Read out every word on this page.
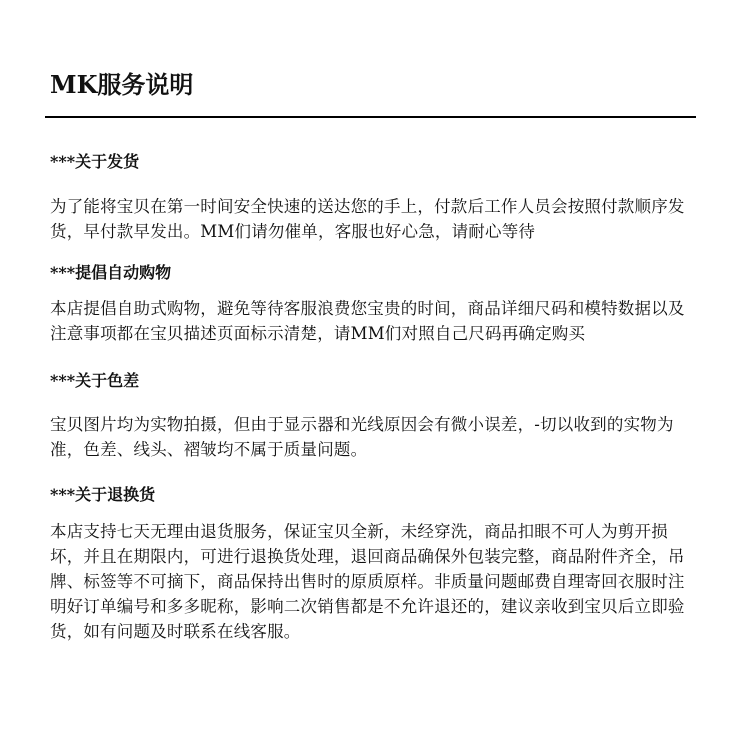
MK服务说明
***关于发货
为了能将宝贝在第一时间安全快速的送达您的手上，付款后工作人员会按照付款顺序发货，早付款早发出。MM们请勿催单，客服也好心急，请耐心等待
***提倡自动购物
本店提倡自助式购物，避免等待客服浪费您宝贵的时间，商品详细尺码和模特数据以及注意事项都在宝贝描述页面标示清楚，请MM们对照自己尺码再确定购买
***关于色差
宝贝图片均为实物拍摄，但由于显示器和光线原因会有微小误差，-切以收到的实物为准，色差、线头、褶皱均不属于质量问题。
***关于退换货
本店支持七天无理由退货服务，保证宝贝全新，未经穿洗，商品扣眼不可人为剪开损坏，并且在期限内，可进行退换货处理，退回商品确保外包装完整，商品附件齐全，吊牌、标签等不可摘下，商品保持出售时的原质原样。非质量问题邮费自理寄回衣服时注明好订单编号和多多昵称，影响二次销售都是不允许退还的，建议亲收到宝贝后立即验货，如有问题及时联系在线客服。
